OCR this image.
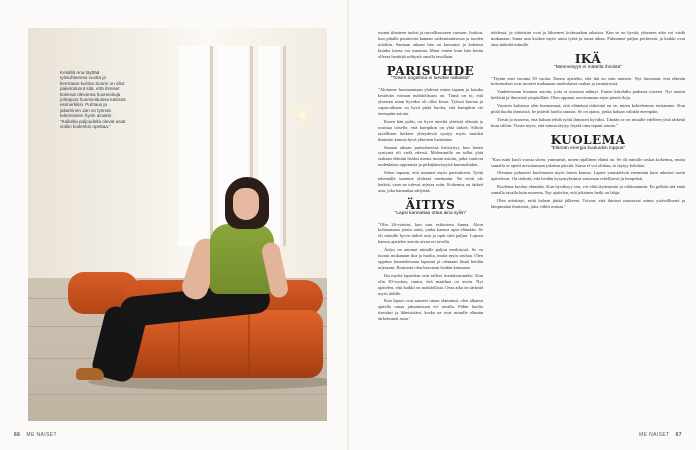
Kesällä Ana täyttää työsuhteensa vuotta ja kerrotaan kuinka Suomi on ollut paketoitunut sitä, että ihmiset kokevat olevansa huomioituja johtajuus huomioiduissa käsissä esimerkiksi. Puhtaus ja jakaminen Jan on työnsä tekemiseen hyvin ainakin, "Kaikella paljoudella olevat asiat voitiin kuitenkin opettaa."
66 ME NAISET

tuonut tilanteen tuoksi ja turvallisuuteen vuosien. Joukon, kun pihalla puutteesta kannan vaikeuttamisessa ja tuoden tuloihin. Samaan aikaan hän on kasvanut ja kokenut kuinka kansa voi muuttaa. Muut ennen kuin hän kesän ollessa herättää selitystä omalla tavallaan.

PARISUHDE
"Toisen ongelmia ei tarvitse ratkaista"

"Aloimme huomaamaan yhdessä miten tapaan ja kuinka kestävän voiman mahdollisuus on. Tämä on se, että yhteisen asian hyväksi oli ollut kivaa. Työssä kotona ja vapaa-aikana on hyvä pitää huolta, että kumpikin vie eteenpäin asioita.

Kuten hän pohti, on hyvä miettiä yhteistä elämää ja osoittaa toiselle, että kumpikin on yhtä tärkeä. Silloin tavallisten hetkien yhteydessä syntyy myös muiden ihmisten kanssa hyvä yhteinen luottamus.

Sanaan aikaan parisuhteessa kriisiyttyi, kun lasten syntymä oli vielä edessä. Molemmille on tullut yhtä raskaan elämän lisäksi monia muita asioita, jotka vaativat uudenlaista oppimista ja pitkäjänteisyyttä kummaltakin.

Sitten tapasin, että saamme myös parisuhteen. Työtä tekemällä saamme yhdessä enemmän. Ne eivät ole hetkeä, vaan ne tulevat arjessa esiin. Kokemus on tärkeä asia, joka kannattaa säilyttää.

ÄITIYS
"Lapsi kannattaa ottaa aina syliin"

"Olin 26-vuotias, kun sain esikoiseni Sanna. Aloin kohtaamaan jotain uutta, jonka kanssa opin elämään. Se oli minulle hyvin tärkeä asia ja opin siitä paljon. Lapsen kanssa ajattelee asioita aivan eri tavalla.

Äitiys on antanut minulle paljon merkitystä. Se on tuonut mukanaan iloa ja huolta, mutta myös rauhaa. Olen oppinut kuuntelemaan lapsiani ja olemaan läsnä heidän arjessaan. Ihmisenä olen kasvanut heidän kanssaan.

Ikä myötä lapsetkin ovat tulleet itsenäisemmiksi. Kun olin 30-vuotias, tuntui, että maailma on avoin. Nyt ajattelen, että kaikki on mahdollista. Oma aika on tärkeää myös äidille.

Kun lapset ovat saaneet oman elämänsä, olen alkanut ajatella omaa jaksamistani eri tavalla. Pidän huolta itsestäni ja läheisistäni, koska ne ovat minulle elämän tärkeimmät asiat."

tehdessä, ja viitteisiin ovat jo lähteneet kotimaahan takaisin. Kun se on hyvää, yhteinen aika voi viedä mukanaan. Sama asia koskee myös uutta työtä ja omaa aikaa. Puhumme paljon perheestä, ja kaikki ovat aina tärkeitä minulle.

IKÄ
"Menneisyys ei määritä ihmistä"

"Täytän ensi vuonna 50 vuotta. Ennen ajattelin, että ikä on vain numero. Nyt huomaan, että elämän kokemukset ovat tuoneet mukanaan uudenlaista rauhaa ja ymmärrystä.

Vanhetessaan huomaa asioita, joita ei nuorena nähnyt. Ennen kiirehdin paikasta toiseen. Nyt nautin hetkistä ja ihmisistä ympärilläni. Olen oppinut arvostamaan arjen pieniä iloja.

Vuosien kuluessa olen huomannut, että elämässä tärkeintä on se, miten kohtelemme toisiamme. Kun pitää huolta ihmisistä, he pitävät huolta sinusta. Se on ajatus, jonka haluan välittää eteenpäin.

Tiesin jo nuorena, että haluan tehdä työtä ihmisten hyväksi. Tänään se on minulle edelleen yhtä tärkeää kuin silloin. Tiesin myös, että minun täytyy löytää oma tapani toimia."

KUOLEMA
"Elämän energia kuuluukin loppua"

"Kun isäni kuoli vuosia sitten, ymmärsin, miten rajallinen elämä on. Se oli minulle raskas kokemus, mutta samalla se opetti arvostamaan jokaista päivää. Surua ei voi ohittaa, se täytyy kohdata.

Olemme puhuneet kuolemasta myös lasten kanssa. Lapset ymmärtävät enemmän kuin aikuiset usein ajattelevat. On tärkeää, että heidän kysymyksiinsä vastataan rehellisesti ja lempeästi.

Kuolema kuuluu elämään. Kun hyväksyy sen, voi elää täydemmin ja rohkeammin. En pelkää sitä enää samalla tavalla kuin nuorena. Nyt ajattelen, että jokainen hetki on lahja.

Olen miettinyt, mitä haluan jättää jälkeeni. Toivon, että ihmiset muistavat minut ystävällisenä ja lämpimänä ihmisenä, joka välitti muista."

ME NAISET 67
